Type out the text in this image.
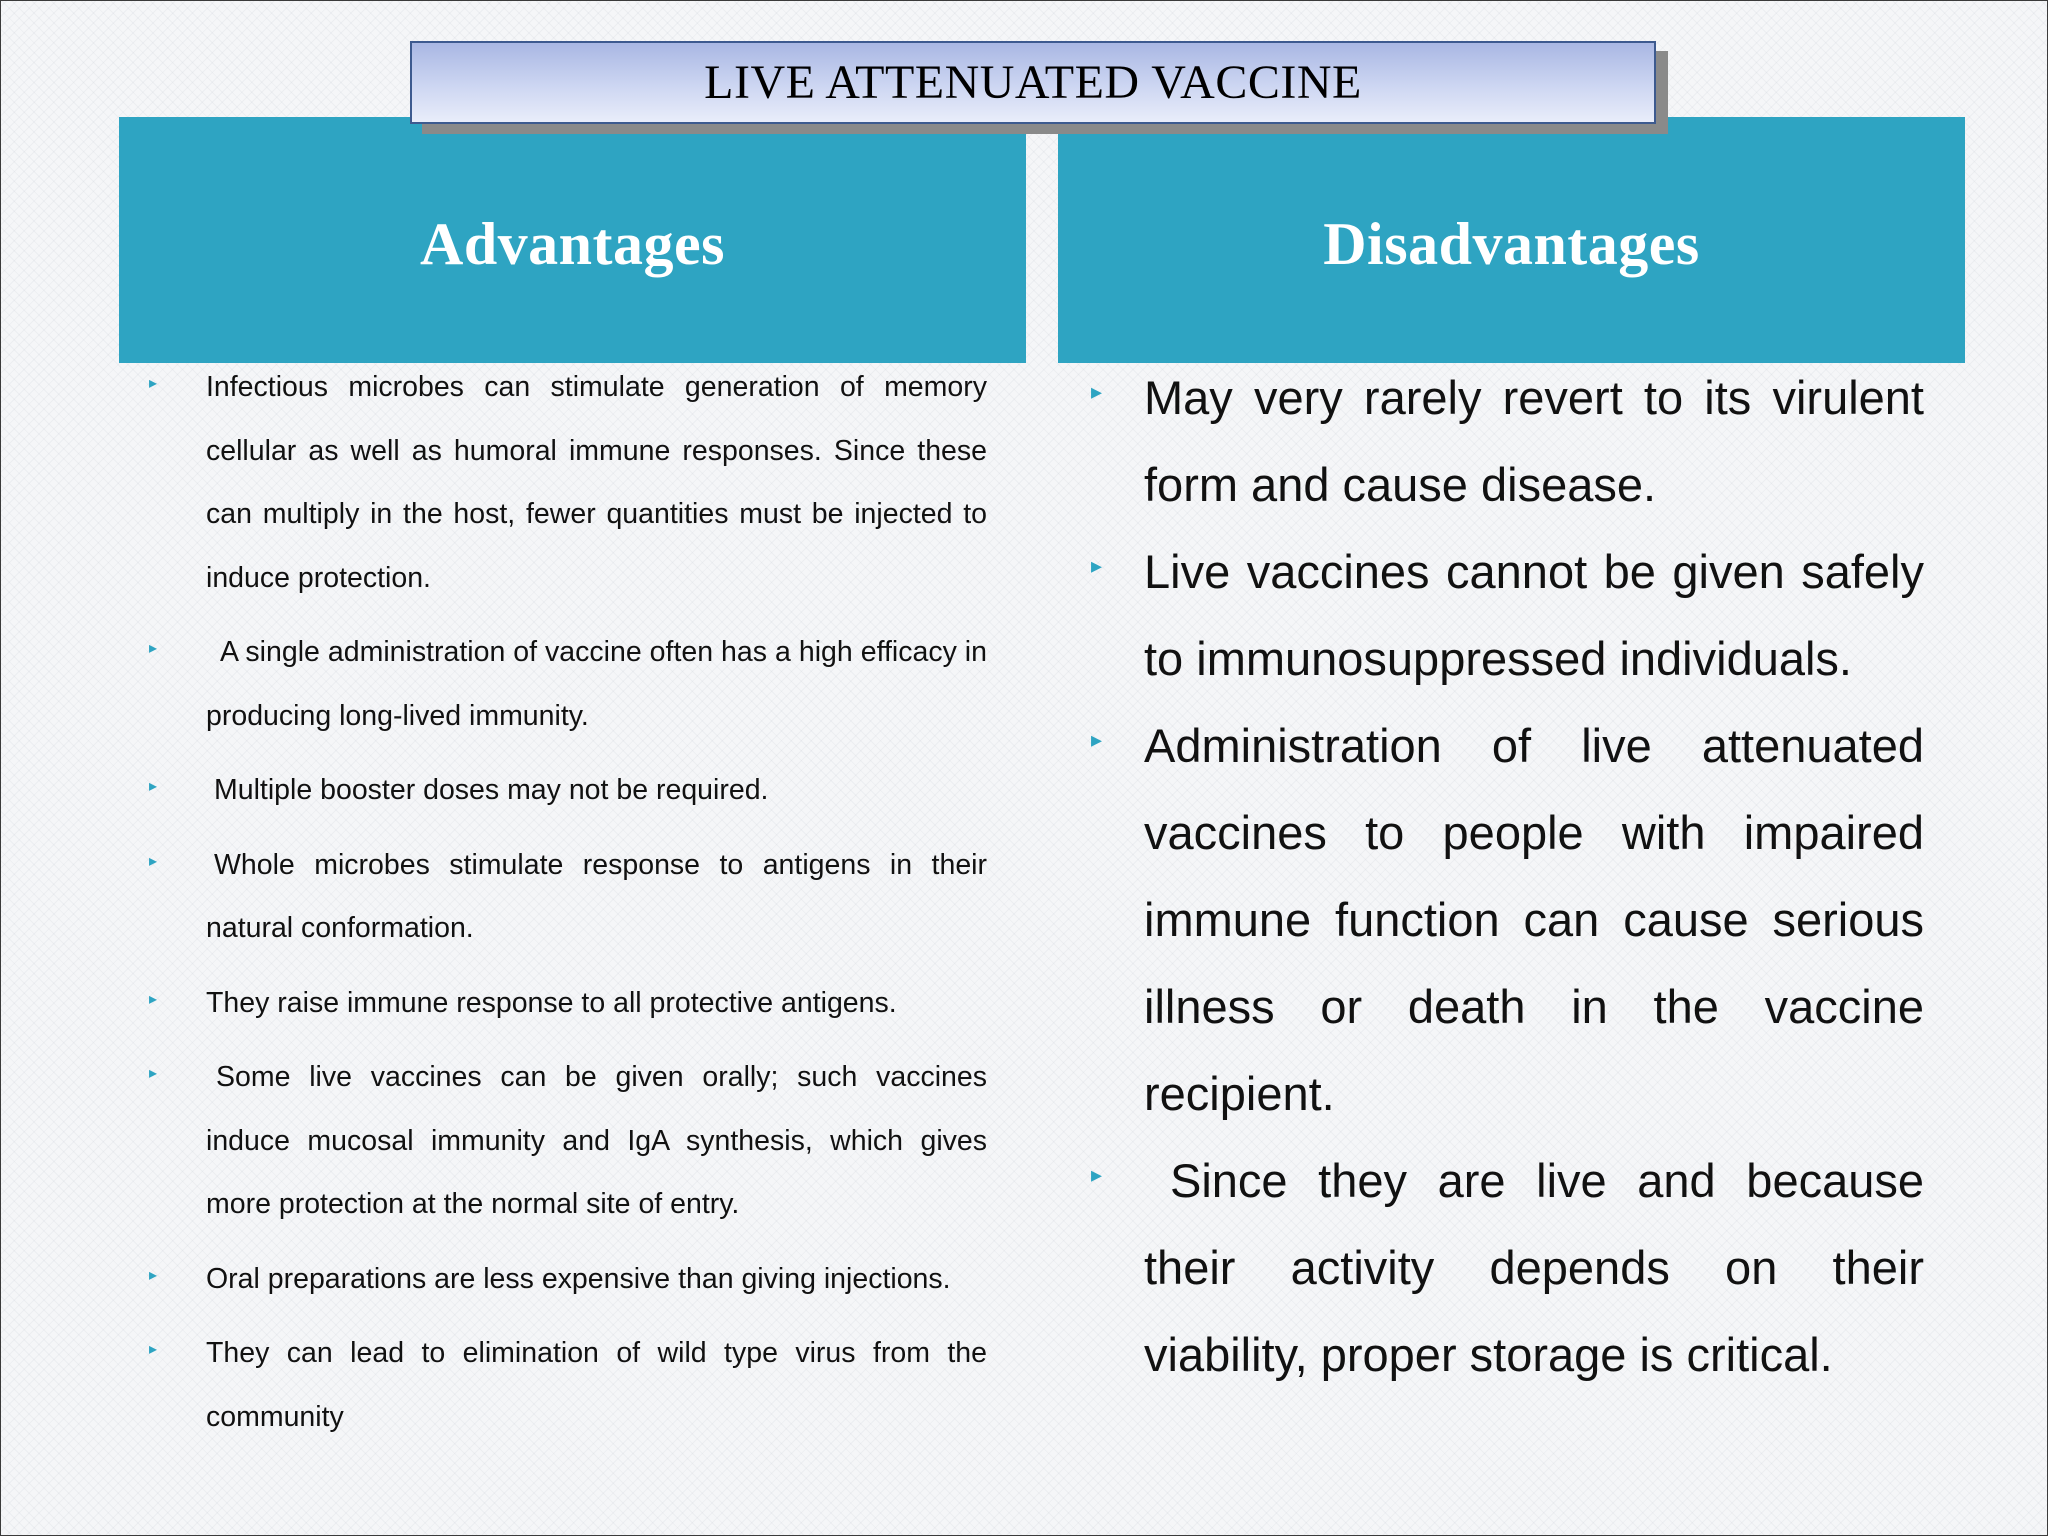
Advantages	Disadvantages
LIVE ATTENUATED VACCINE
▸ Infectious microbes can stimulate generation of memory cellular as well as humoral immune responses. Since these can multiply in the host, fewer quantities must be injected to induce protection.
▸ A single administration of vaccine often has a high efficacy in producing long-lived immunity.
▸ Multiple booster doses may not be required.
▸ Whole microbes stimulate response to antigens in their natural conformation.
▸ They raise immune response to all protective antigens.
▸ Some live vaccines can be given orally; such vaccines induce mucosal immunity and IgA synthesis, which gives more protection at the normal site of entry.
▸ Oral preparations are less expensive than giving injections.
▸ They can lead to elimination of wild type virus from the community
▸ May very rarely revert to its virulent form and cause disease.
▸ Live vaccines cannot be given safely to immunosuppressed individuals.
▸ Administration of live attenuated vaccines to people with impaired immune function can cause serious illness or death in the vaccine recipient.
▸ Since they are live and because their activity depends on their viability, proper storage is critical.
